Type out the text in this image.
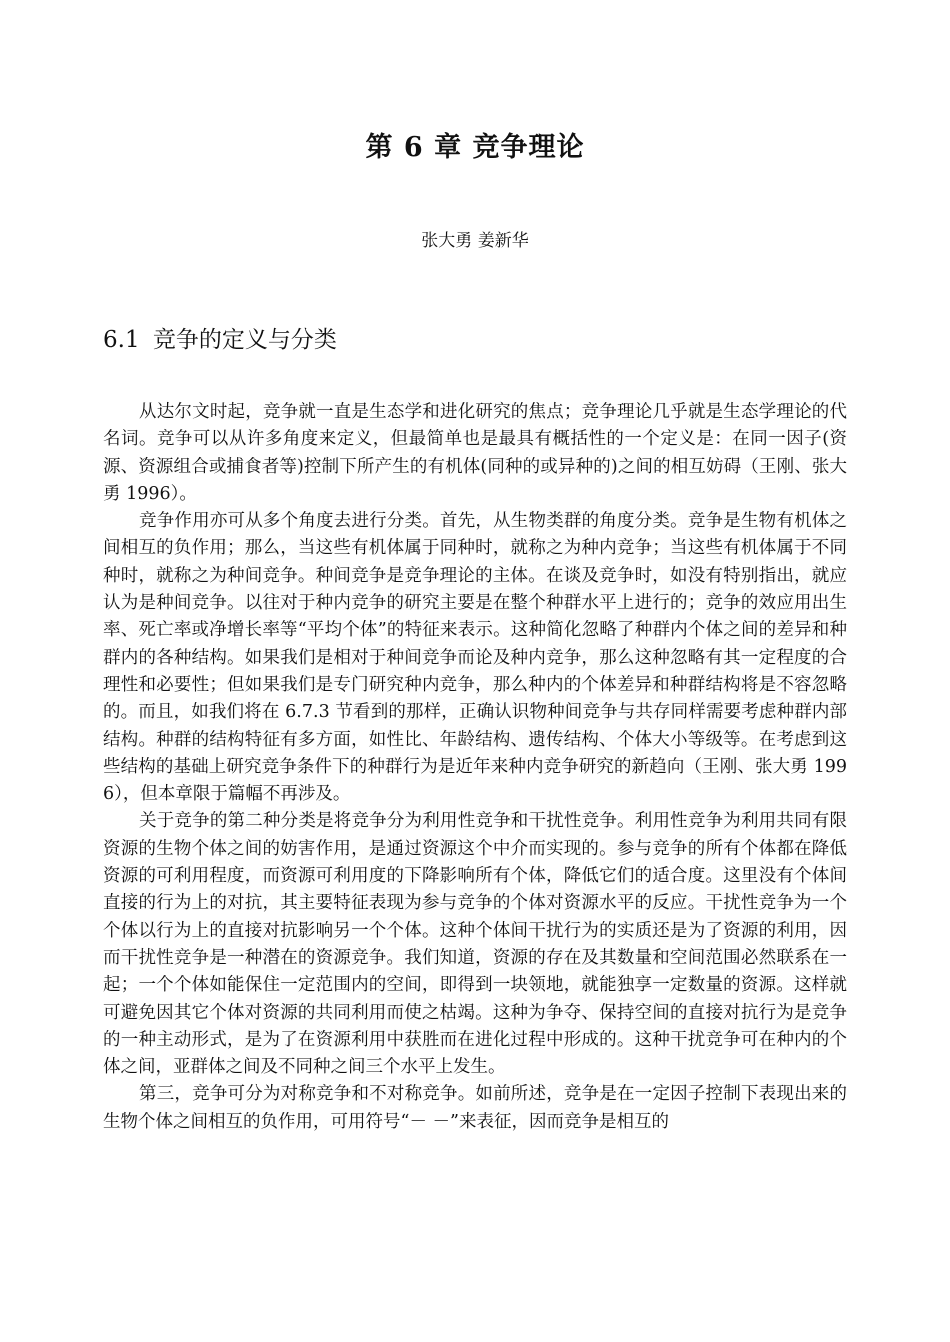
第 6 章 竞争理论
张大勇 姜新华
6.1 竞争的定义与分类

从达尔文时起，竞争就一直是生态学和进化研究的焦点；竞争理论几乎就是生态学理论的代名词。竞争可以从许多角度来定义，但最简单也是最具有概括性的一个定义是：在同一因子(资源、资源组合或捕食者等)控制下所产生的有机体(同种的或异种的)之间的相互妨碍（王刚、张大勇 1996）。

竞争作用亦可从多个角度去进行分类。首先，从生物类群的角度分类。竞争是生物有机体之间相互的负作用；那么，当这些有机体属于同种时，就称之为种内竞争；当这些有机体属于不同种时，就称之为种间竞争。种间竞争是竞争理论的主体。在谈及竞争时，如没有特别指出，就应认为是种间竞争。以往对于种内竞争的研究主要是在整个种群水平上进行的；竞争的效应用出生率、死亡率或净增长率等“平均个体”的特征来表示。这种简化忽略了种群内个体之间的差异和种群内的各种结构。如果我们是相对于种间竞争而论及种内竞争，那么这种忽略有其一定程度的合理性和必要性；但如果我们是专门研究种内竞争，那么种内的个体差异和种群结构将是不容忽略的。而且，如我们将在 6.7.3 节看到的那样，正确认识物种间竞争与共存同样需要考虑种群内部结构。种群的结构特征有多方面，如性比、年龄结构、遗传结构、个体大小等级等。在考虑到这些结构的基础上研究竞争条件下的种群行为是近年来种内竞争研究的新趋向（王刚、张大勇 1996），但本章限于篇幅不再涉及。

关于竞争的第二种分类是将竞争分为利用性竞争和干扰性竞争。利用性竞争为利用共同有限资源的生物个体之间的妨害作用，是通过资源这个中介而实现的。参与竞争的所有个体都在降低资源的可利用程度，而资源可利用度的下降影响所有个体，降低它们的适合度。这里没有个体间直接的行为上的对抗，其主要特征表现为参与竞争的个体对资源水平的反应。干扰性竞争为一个个体以行为上的直接对抗影响另一个个体。这种个体间干扰行为的实质还是为了资源的利用，因而干扰性竞争是一种潜在的资源竞争。我们知道，资源的存在及其数量和空间范围必然联系在一起；一个个体如能保住一定范围内的空间，即得到一块领地，就能独享一定数量的资源。这样就可避免因其它个体对资源的共同利用而使之枯竭。这种为争夺、保持空间的直接对抗行为是竞争的一种主动形式，是为了在资源利用中获胜而在进化过程中形成的。这种干扰竞争可在种内的个体之间，亚群体之间及不同种之间三个水平上发生。

第三，竞争可分为对称竞争和不对称竞争。如前所述，竞争是在一定因子控制下表现出来的生物个体之间相互的负作用，可用符号“－ －”来表征，因而竞争是相互的
